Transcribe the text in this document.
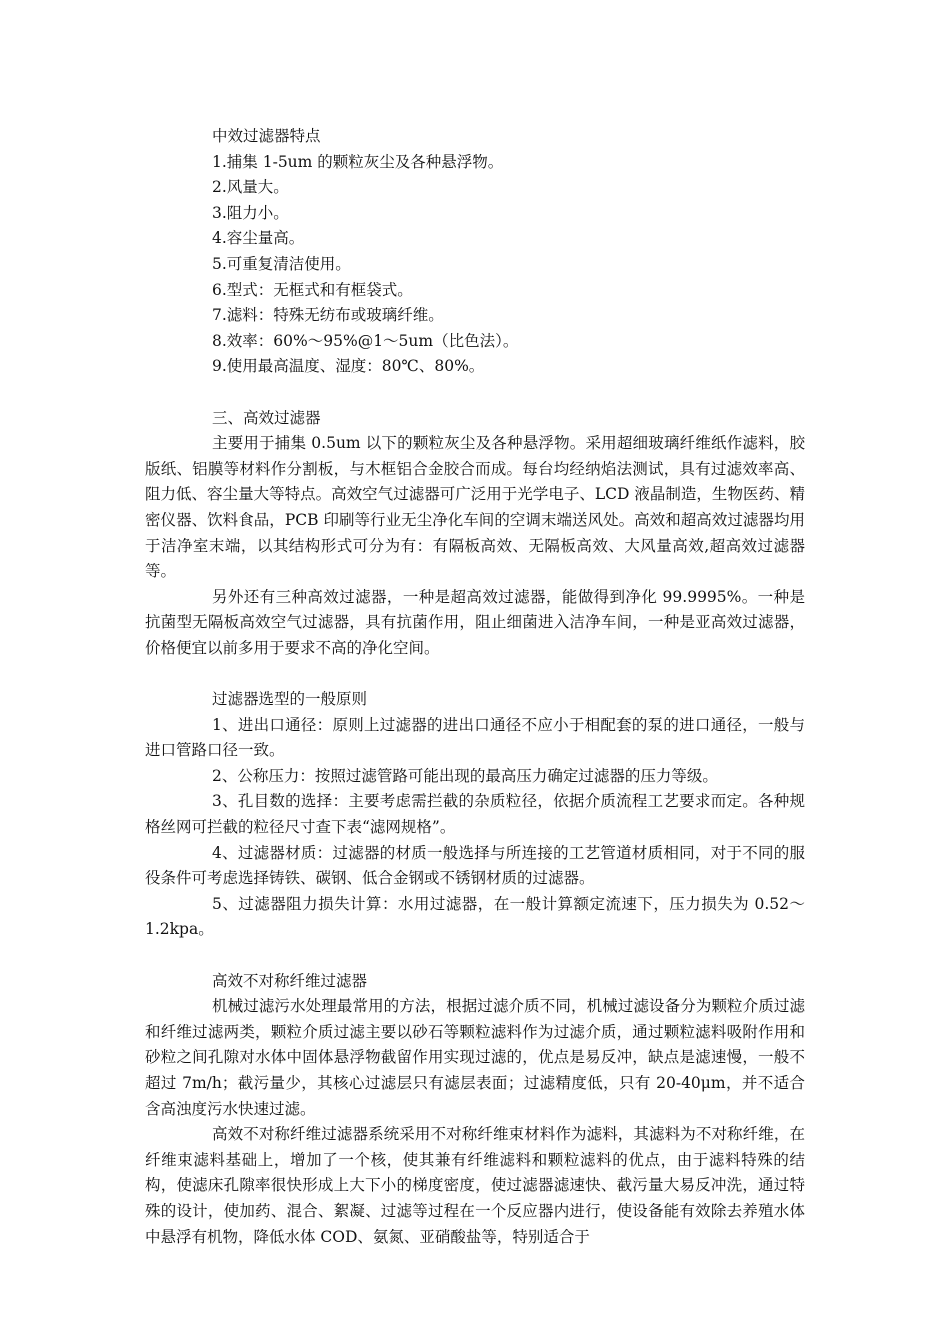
中效过滤器特点

1.捕集 1-5um 的颗粒灰尘及各种悬浮物。

2.风量大。

3.阻力小。

4.容尘量高。

5.可重复清洁使用。

6.型式：无框式和有框袋式。

7.滤料：特殊无纺布或玻璃纤维。

8.效率：60%～95%@1～5um（比色法）。

9.使用最高温度、湿度：80℃、80%。

三、高效过滤器

主要用于捕集 0.5um 以下的颗粒灰尘及各种悬浮物。采用超细玻璃纤维纸作滤料，胶版纸、铝膜等材料作分割板，与木框铝合金胶合而成。每台均经纳焰法测试，具有过滤效率高、阻力低、容尘量大等特点。高效空气过滤器可广泛用于光学电子、LCD 液晶制造，生物医药、精密仪器、饮料食品，PCB 印刷等行业无尘净化车间的空调末端送风处。高效和超高效过滤器均用于洁净室末端，以其结构形式可分为有：有隔板高效、无隔板高效、大风量高效,超高效过滤器等。

另外还有三种高效过滤器，一种是超高效过滤器，能做得到净化 99.9995%。一种是抗菌型无隔板高效空气过滤器，具有抗菌作用，阻止细菌进入洁净车间，一种是亚高效过滤器，价格便宜以前多用于要求不高的净化空间。

过滤器选型的一般原则

1、进出口通径：原则上过滤器的进出口通径不应小于相配套的泵的进口通径，一般与进口管路口径一致。

2、公称压力：按照过滤管路可能出现的最高压力确定过滤器的压力等级。

3、孔目数的选择：主要考虑需拦截的杂质粒径，依据介质流程工艺要求而定。各种规格丝网可拦截的粒径尺寸查下表“滤网规格”。

4、过滤器材质：过滤器的材质一般选择与所连接的工艺管道材质相同，对于不同的服役条件可考虑选择铸铁、碳钢、低合金钢或不锈钢材质的过滤器。

5、过滤器阻力损失计算：水用过滤器，在一般计算额定流速下，压力损失为 0.52～1.2kpa。

高效不对称纤维过滤器

机械过滤污水处理最常用的方法，根据过滤介质不同，机械过滤设备分为颗粒介质过滤和纤维过滤两类，颗粒介质过滤主要以砂石等颗粒滤料作为过滤介质，通过颗粒滤料吸附作用和砂粒之间孔隙对水体中固体悬浮物截留作用实现过滤的，优点是易反冲，缺点是滤速慢，一般不超过 7m/h；截污量少，其核心过滤层只有滤层表面；过滤精度低，只有 20-40μm，并不适合含高浊度污水快速过滤。

高效不对称纤维过滤器系统采用不对称纤维束材料作为滤料，其滤料为不对称纤维，在纤维束滤料基础上，增加了一个核，使其兼有纤维滤料和颗粒滤料的优点，由于滤料特殊的结构，使滤床孔隙率很快形成上大下小的梯度密度，使过滤器滤速快、截污量大易反冲洗，通过特殊的设计，使加药、混合、絮凝、过滤等过程在一个反应器内进行，使设备能有效除去养殖水体中悬浮有机物，降低水体 COD、氨氮、亚硝酸盐等，特别适合于
